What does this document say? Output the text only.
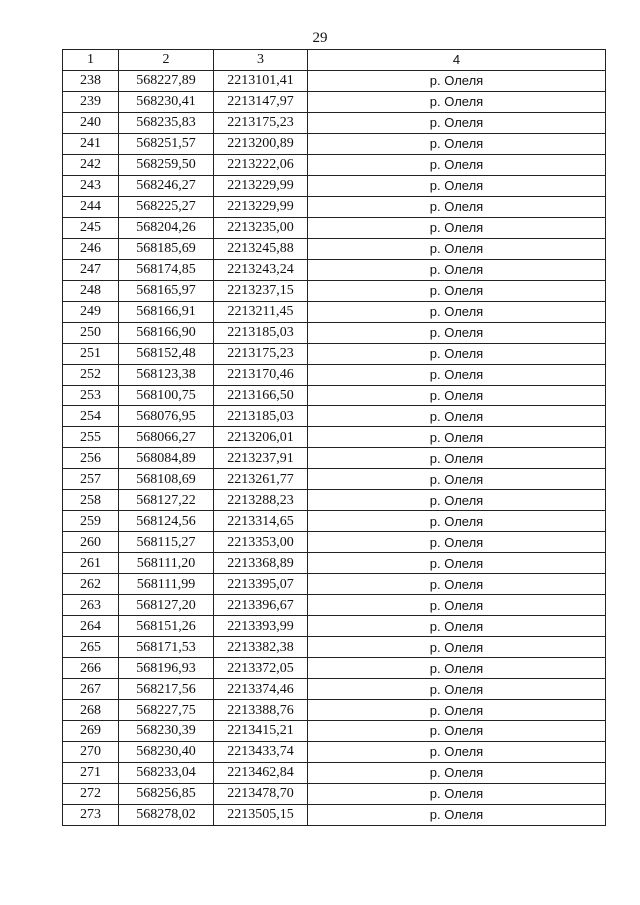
29
1	2	3	4
238	568227,89	2213101,41	р. Олеля
239	568230,41	2213147,97	р. Олеля
240	568235,83	2213175,23	р. Олеля
241	568251,57	2213200,89	р. Олеля
242	568259,50	2213222,06	р. Олеля
243	568246,27	2213229,99	р. Олеля
244	568225,27	2213229,99	р. Олеля
245	568204,26	2213235,00	р. Олеля
246	568185,69	2213245,88	р. Олеля
247	568174,85	2213243,24	р. Олеля
248	568165,97	2213237,15	р. Олеля
249	568166,91	2213211,45	р. Олеля
250	568166,90	2213185,03	р. Олеля
251	568152,48	2213175,23	р. Олеля
252	568123,38	2213170,46	р. Олеля
253	568100,75	2213166,50	р. Олеля
254	568076,95	2213185,03	р. Олеля
255	568066,27	2213206,01	р. Олеля
256	568084,89	2213237,91	р. Олеля
257	568108,69	2213261,77	р. Олеля
258	568127,22	2213288,23	р. Олеля
259	568124,56	2213314,65	р. Олеля
260	568115,27	2213353,00	р. Олеля
261	568111,20	2213368,89	р. Олеля
262	568111,99	2213395,07	р. Олеля
263	568127,20	2213396,67	р. Олеля
264	568151,26	2213393,99	р. Олеля
265	568171,53	2213382,38	р. Олеля
266	568196,93	2213372,05	р. Олеля
267	568217,56	2213374,46	р. Олеля
268	568227,75	2213388,76	р. Олеля
269	568230,39	2213415,21	р. Олеля
270	568230,40	2213433,74	р. Олеля
271	568233,04	2213462,84	р. Олеля
272	568256,85	2213478,70	р. Олеля
273	568278,02	2213505,15	р. Олеля
